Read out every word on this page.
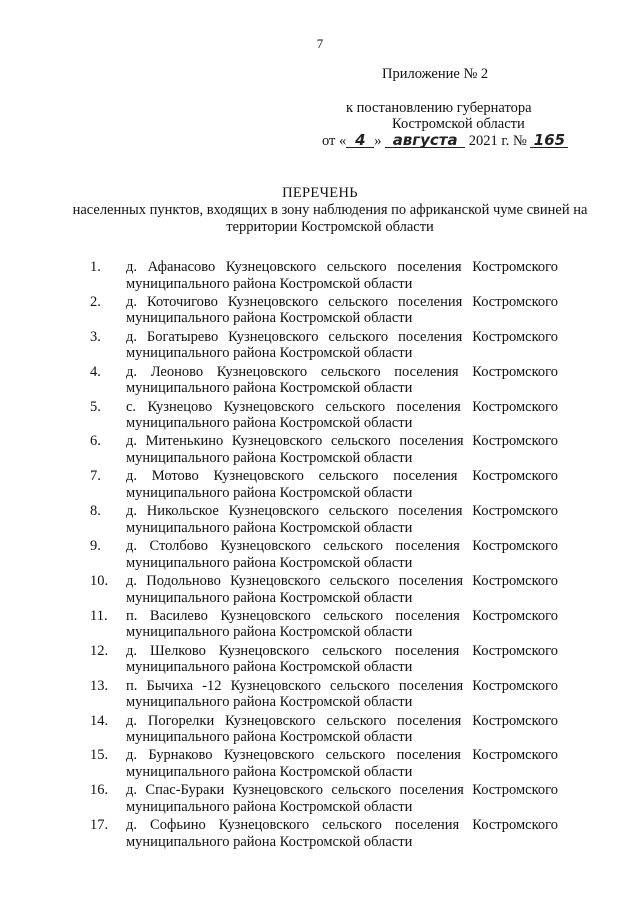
7
Приложение № 2
к постановлению губернатора
Костромской области
от « 4 » августа 2021 г. № 165
ПЕРЕЧЕНЬ
населенных пунктов, входящих в зону наблюдения по африканской чуме свиней на территории Костромской области
1.	д. Афанасово Кузнецовского сельского поселения Костромского муниципального района Костромской области
2.	д. Коточигово Кузнецовского сельского поселения Костромского муниципального района Костромской области
3.	д. Богатырево Кузнецовского сельского поселения Костромского муниципального района Костромской области
4.	д. Леоново Кузнецовского сельского поселения Костромского муниципального района Костромской области
5.	с. Кузнецово Кузнецовского сельского поселения Костромского муниципального района Костромской области
6.	д. Митенькино Кузнецовского сельского поселения Костромского муниципального района Костромской области
7.	д. Мотово Кузнецовского сельского поселения Костромского муниципального района Костромской области
8.	д. Никольское Кузнецовского сельского поселения Костромского муниципального района Костромской области
9.	д. Столбово Кузнецовского сельского поселения Костромского муниципального района Костромской области
10.	д. Подольново Кузнецовского сельского поселения Костромского муниципального района Костромской области
11.	п. Василево Кузнецовского сельского поселения Костромского муниципального района Костромской области
12.	д. Шелково Кузнецовского сельского поселения Костромского муниципального района Костромской области
13.	п. Бычиха -12 Кузнецовского сельского поселения Костромского муниципального района Костромской области
14.	д. Погорелки Кузнецовского сельского поселения Костромского муниципального района Костромской области
15.	д. Бурнаково Кузнецовского сельского поселения Костромского муниципального района Костромской области
16.	д. Спас-Бураки Кузнецовского сельского поселения Костромского муниципального района Костромской области
17.	д. Софьино Кузнецовского сельского поселения Костромского муниципального района Костромской области
